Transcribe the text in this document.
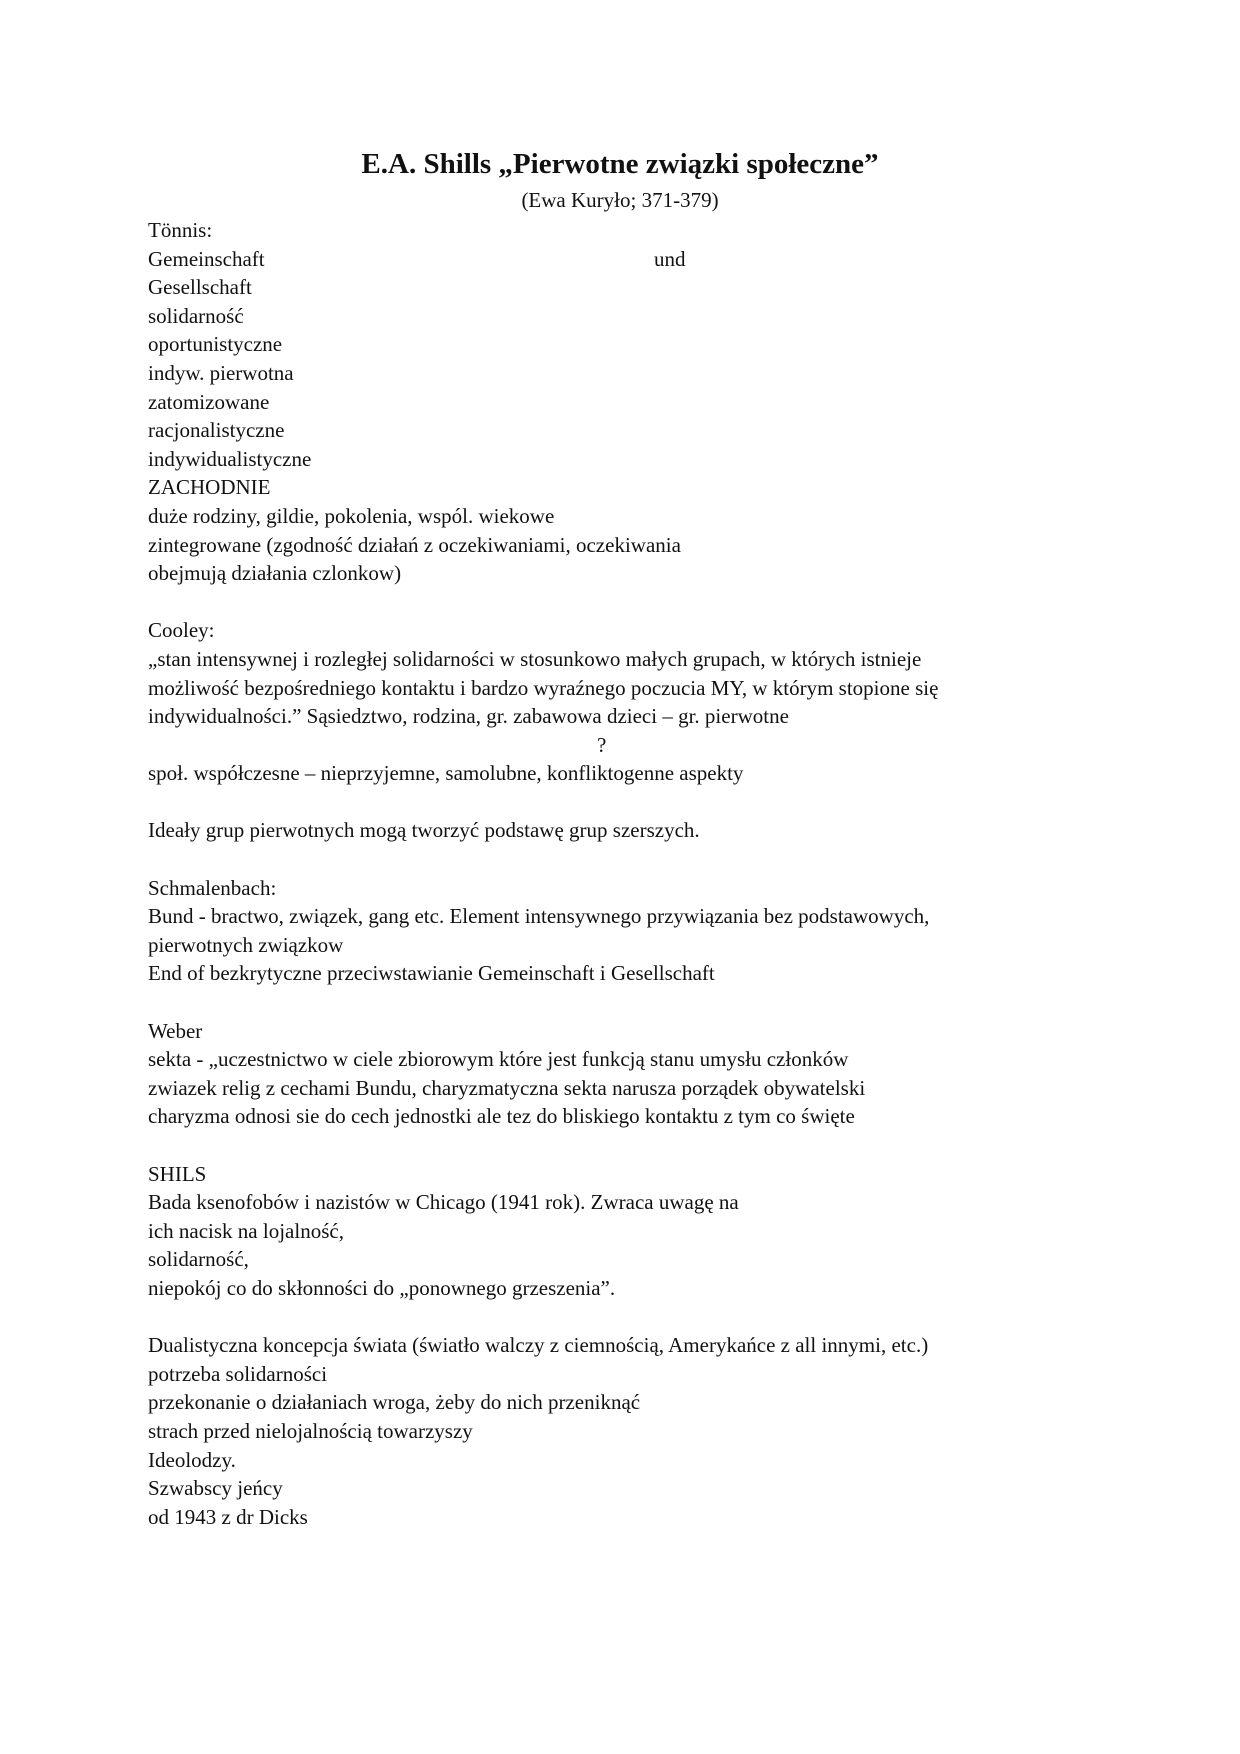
E.A. Shills „Pierwotne związki społeczne”

(Ewa Kuryło; 371-379)

Tönnis:

Gemeinschaft	und

Gesellschaft

solidarność

oportunistyczne

indyw. pierwotna

zatomizowane

racjonalistyczne

indywidualistyczne

ZACHODNIE

duże rodziny, gildie, pokolenia, wspól. wiekowe

zintegrowane (zgodność działań z oczekiwaniami, oczekiwania

obejmują działania czlonkow)

Cooley:

„stan intensywnej i rozległej solidarności w stosunkowo małych grupach, w których istnieje

możliwość bezpośredniego kontaktu i bardzo wyraźnego poczucia MY, w którym stopione się

indywidualności.” Sąsiedztwo, rodzina, gr. zabawowa dzieci – gr. pierwotne

?

społ. współczesne – nieprzyjemne, samolubne, konfliktogenne aspekty

Ideały grup pierwotnych mogą tworzyć podstawę grup szerszych.

Schmalenbach:

Bund - bractwo, związek, gang etc. Element intensywnego przywiązania bez podstawowych,

pierwotnych związkow

End of bezkrytyczne przeciwstawianie Gemeinschaft i Gesellschaft

Weber

sekta - „uczestnictwo w ciele zbiorowym które jest funkcją stanu umysłu członków

zwiazek relig z cechami Bundu, charyzmatyczna sekta narusza porządek obywatelski

charyzma odnosi sie do cech jednostki ale tez do bliskiego kontaktu z tym co święte

SHILS

Bada ksenofobów i nazistów w Chicago (1941 rok). Zwraca uwagę na

ich nacisk na lojalność,

solidarność,

niepokój co do skłonności do „ponownego grzeszenia”.

Dualistyczna koncepcja świata (światło walczy z ciemnością, Amerykańce z all innymi, etc.)

potrzeba solidarności

przekonanie o działaniach wroga, żeby do nich przeniknąć

strach przed nielojalnością towarzyszy

Ideolodzy.

Szwabscy jeńcy

od 1943 z dr Dicks
